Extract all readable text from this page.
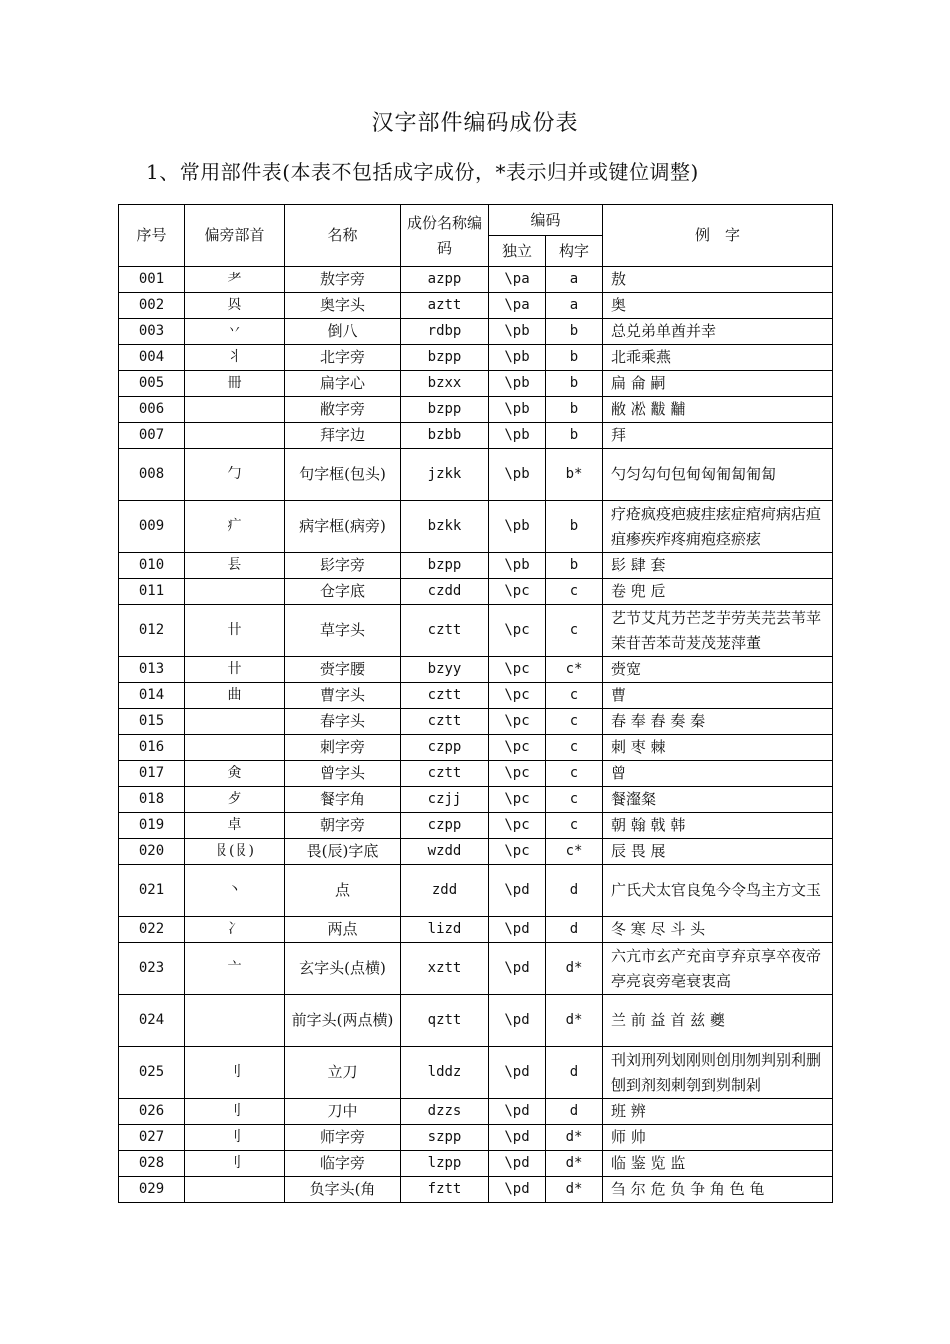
汉字部件编码成份表
1、常用部件表(本表不包括成字成份，*表示归并或键位调整)
序号	偏旁部首	名称	成份名称编码	编码		例　字
				独立	构字	
001	耂	敖字旁	azpp	\pa	a	敖
002	㒷	奥字头	aztt	\pa	a	奥
003	丷	倒八	rdbp	\pb	b	总兑弟单酋并幸
004	丬	北字旁	bzpp	\pb	b	北乖乘燕
005	冊	扁字心	bzxx	\pb	b	扁 侖 嗣
006		敝字旁	bzpp	\pb	b	敝 凇 黻 黼
007		拜字边	bzbb	\pb	b	拜
008	勹	句字框(包头)	jzkk	\pb	b*	勺匀勾句包甸匈匍匐匍匐
009	疒	病字框(病旁)	bzkk	\pb	b	疗疮疯疫疤疲疰痃症痯疴病痁疸疽瘆疾痄疼痈疱痉瘀痃
010	镸	髟字旁	bzpp	\pb	b	髟 肆 套
011		仓字底	czdd	\pc	c	卷 兜 卮
012	卄	草字头	cztt	\pc	c	艺节艾芃芀芒芝芋劳芙芫芸苇苹茉苷苦苯苛茇茂茏萍董
013	卄	赍字腰	bzyy	\pc	c*	赍宽
014	曲	曹字头	cztt	\pc	c	曹
015		春字头	cztt	\pc	c	春 奉 舂 奏 秦
016		刺字旁	czpp	\pc	c	刺 枣 棘
017	㑒	曾字头	cztt	\pc	c	曾
018	歺	餐字角	czjj	\pc	c	餐瀣粲
019	卓	朝字旁	czpp	\pc	c	朝 翰 戟 韩
020	𠬝(𠬝)	畏(辰)字底	wzdd	\pc	c*	辰 畏 展
021	丶	点	zdd	\pd	d	广氏犬太官良兔今令鸟主方文玉
022	冫	两点	lizd	\pd	d	冬 寒 尽 斗 头
023	亠	玄字头(点横)	xztt	\pd	d*	六亢市玄产充亩亨弃京享卒夜帝亭亮哀旁亳衰衷高
024		前字头(两点横)	qztt	\pd	d*	兰 前 益 首 兹 夔
025	刂	立刀	lddz	\pd	d	刊刘刑列划刚则创刖刎判别利删刨到剂刻刺刳到刿制剁
026	刂	刀中	dzzs	\pd	d	班 辨
027	刂	师字旁	szpp	\pd	d*	师 帅
028	刂	临字旁	lzpp	\pd	d*	临 鉴 览 监
029		负字头(角	fztt	\pd	d*	刍 尔 危 负 争 角 色 龟
